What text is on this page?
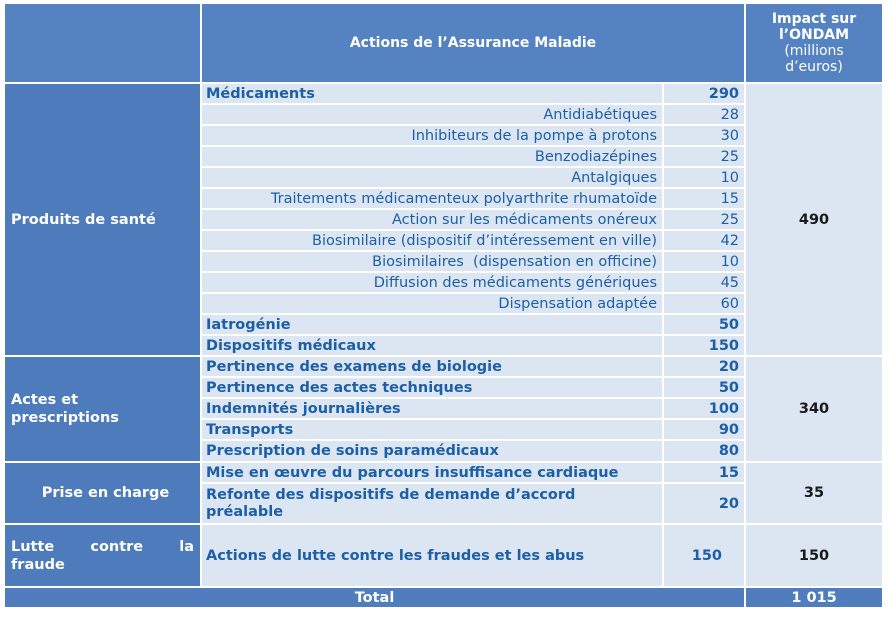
	Actions de l’Assurance Maladie		Impact sur
l’ONDAM
(millions
d’euros)

Produits de santé	Médicaments	290	490
	Antidiabétiques	28	
	Inhibiteurs de la pompe à protons	30	
	Benzodiazépines	25	
	Antalgiques	10	
	Traitements médicamenteux polyarthrite rhumatoïde	15	
	Action sur les médicaments onéreux	25	
	Biosimilaire (dispositif d’intéressement en ville)	42	
	Biosimilaires  (dispensation en officine)	10	
	Diffusion des médicaments génériques	45	
	Dispensation adaptée	60	
	Iatrogénie	50	
	Dispositifs médicaux	150	

Actes et
prescriptions	Pertinence des examens de biologie	20	340
	Pertinence des actes techniques	50	
	Indemnités journalières	100	
	Transports	90	
	Prescription de soins paramédicaux	80	
Prise en charge	Mise en œuvre du parcours insuffisance cardiaque	15	35

	Refonte des dispositifs de demande d’accord
préalable	20	

Lutte contre la
fraude	Actions de lutte contre les fraudes et les abus	150	150
Total			1 015
